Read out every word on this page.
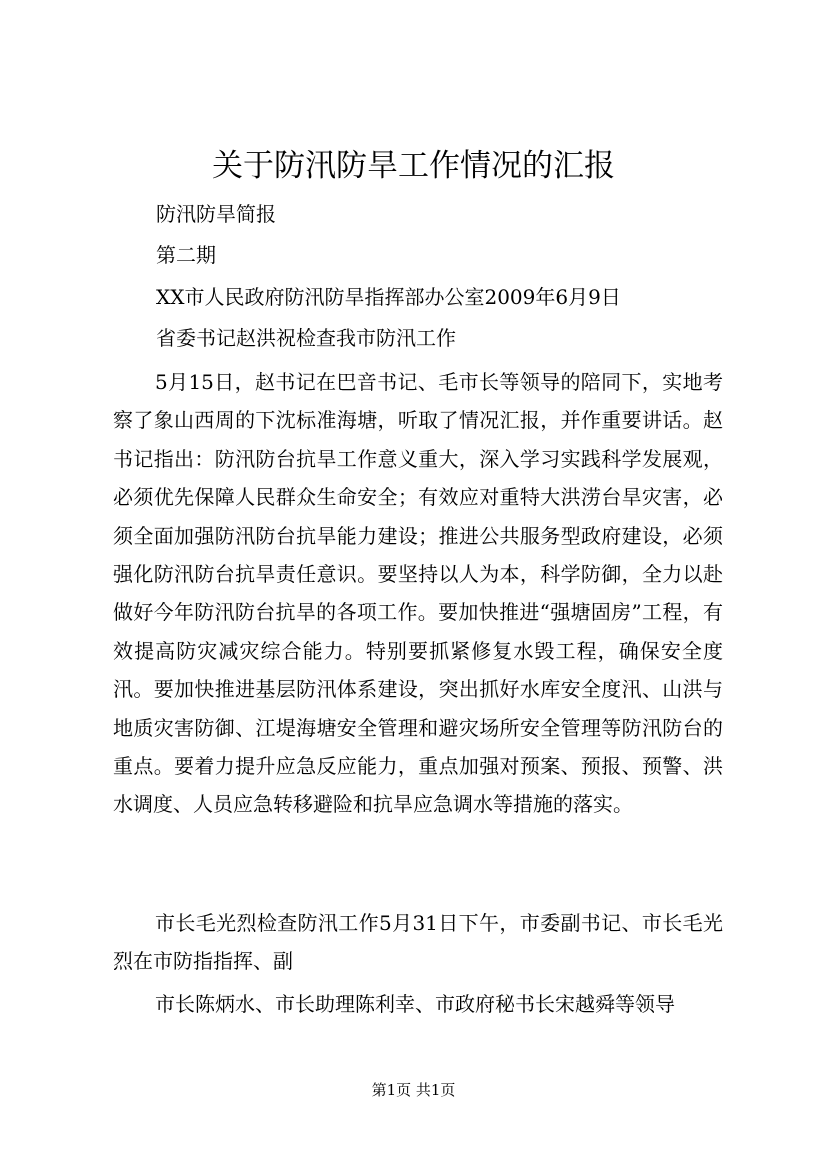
关于防汛防旱工作情况的汇报

防汛防旱简报

第二期

XX市人民政府防汛防旱指挥部办公室2009年6月9日

省委书记赵洪祝检查我市防汛工作

5月15日，赵书记在巴音书记、毛市长等领导的陪同下，实地考察了象山西周的下沈标准海塘，听取了情况汇报，并作重要讲话。赵书记指出：防汛防台抗旱工作意义重大，深入学习实践科学发展观，必须优先保障人民群众生命安全；有效应对重特大洪涝台旱灾害，必须全面加强防汛防台抗旱能力建设；推进公共服务型政府建设，必须强化防汛防台抗旱责任意识。要坚持以人为本，科学防御，全力以赴做好今年防汛防台抗旱的各项工作。要加快推进“强塘固房”工程，有效提高防灾减灾综合能力。特别要抓紧修复水毁工程，确保安全度汛。要加快推进基层防汛体系建设，突出抓好水库安全度汛、山洪与地质灾害防御、江堤海塘安全管理和避灾场所安全管理等防汛防台的重点。要着力提升应急反应能力，重点加强对预案、预报、预警、洪水调度、人员应急转移避险和抗旱应急调水等措施的落实。

市长毛光烈检查防汛工作5月31日下午，市委副书记、市长毛光烈在市防指指挥、副

市长陈炳水、市长助理陈利幸、市政府秘书长宋越舜等领导

第1页 共1页
